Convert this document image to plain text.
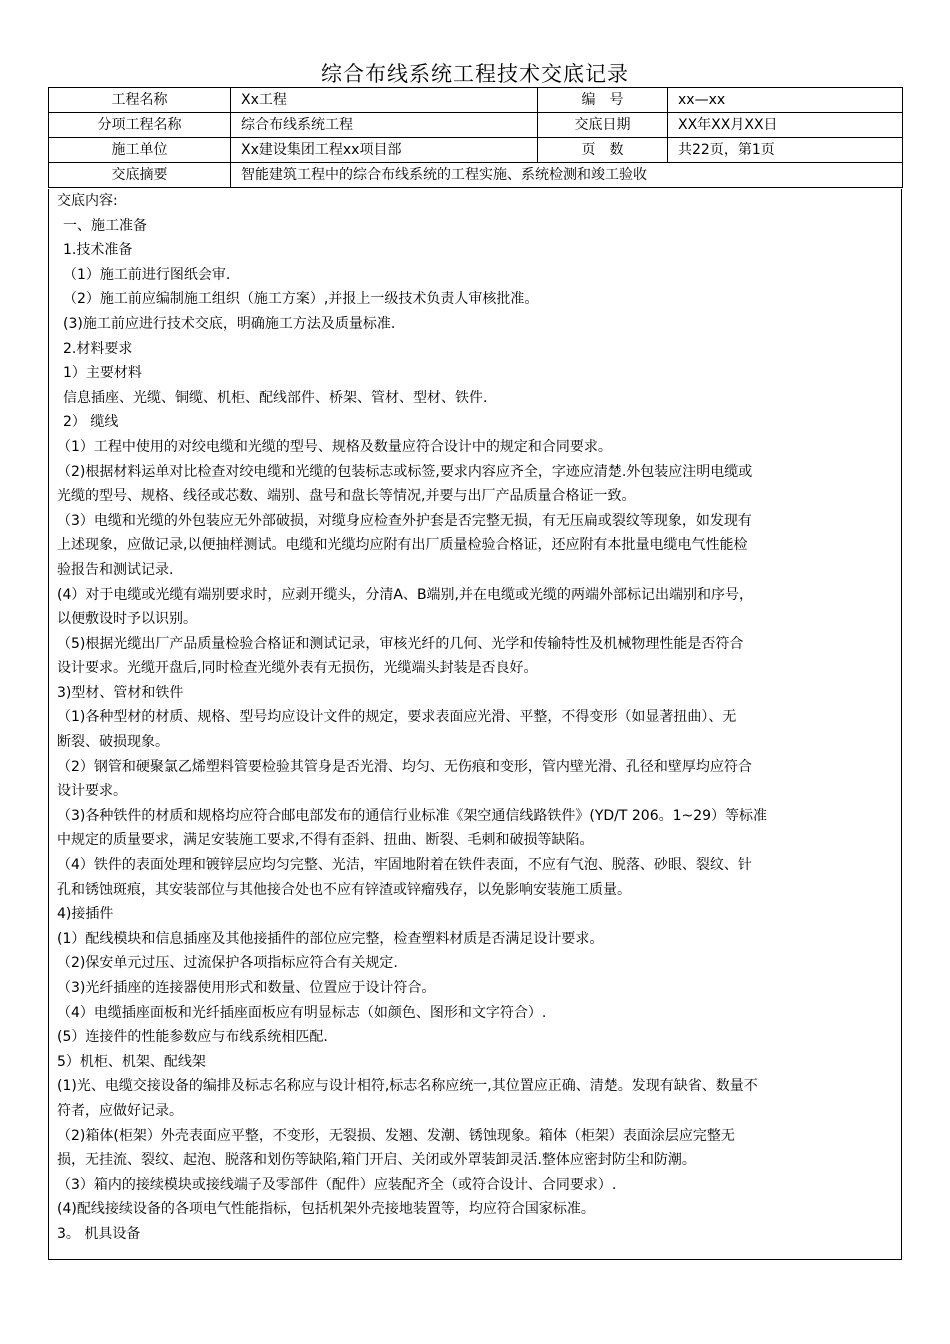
综合布线系统工程技术交底记录
工程名称	Xx工程	编　号	xx—xx
分项工程名称	综合布线系统工程	交底日期	XX年XX月XX日
施工单位	Xx建设集团工程xx项目部	页　数	共22页，第1页
交底摘要	智能建筑工程中的综合布线系统的工程实施、系统检测和竣工验收		

交底内容:

一、施工准备

1.技术准备

（1）施工前进行图纸会审.

（2）施工前应编制施工组织（施工方案）,并报上一级技术负责人审核批准。

(3)施工前应进行技术交底，明确施工方法及质量标准.

2.材料要求

1）主要材料

信息插座、光缆、铜缆、机柜、配线部件、桥架、管材、型材、铁件.

2） 缆线

（1）工程中使用的对绞电缆和光缆的型号、规格及数量应符合设计中的规定和合同要求。

（2)根据材料运单对比检查对绞电缆和光缆的包装标志或标签,要求内容应齐全，字迹应清楚.外包装应注明电缆或

光缆的型号、规格、线径或芯数、端别、盘号和盘长等情况,并要与出厂产品质量合格证一致。

（3）电缆和光缆的外包装应无外部破损，对缆身应检查外护套是否完整无损，有无压扁或裂纹等现象，如发现有

上述现象，应做记录,以便抽样测试。电缆和光缆均应附有出厂质量检验合格证，还应附有本批量电缆电气性能检

验报告和测试记录.

(4）对于电缆或光缆有端别要求时，应剥开缆头，分清A、B端别,并在电缆或光缆的两端外部标记出端别和序号，

以便敷设时予以识别。

（5)根据光缆出厂产品质量检验合格证和测试记录，审核光纤的几何、光学和传输特性及机械物理性能是否符合

设计要求。光缆开盘后,同时检查光缆外表有无损伤，光缆端头封装是否良好。

3)型材、管材和铁件

（1)各种型材的材质、规格、型号均应设计文件的规定，要求表面应光滑、平整，不得变形（如显著扭曲）、无

断裂、破损现象。

（2）钢管和硬聚氯乙烯塑料管要检验其管身是否光滑、均匀、无伤痕和变形，管内壁光滑、孔径和壁厚均应符合

设计要求。

（3)各种铁件的材质和规格均应符合邮电部发布的通信行业标准《架空通信线路铁件》(YD/T 206。1~29）等标准

中规定的质量要求，满足安装施工要求,不得有歪斜、扭曲、断裂、毛刺和破损等缺陷。

（4）铁件的表面处理和镀锌层应均匀完整、光洁，牢固地附着在铁件表面，不应有气泡、脱落、砂眼、裂纹、针

孔和锈蚀斑痕，其安装部位与其他接合处也不应有锌渣或锌瘤残存，以免影响安装施工质量。

4)接插件

(1）配线模块和信息插座及其他接插件的部位应完整，检查塑料材质是否满足设计要求。

（2)保安单元过压、过流保护各项指标应符合有关规定.

（3)光纤插座的连接器使用形式和数量、位置应于设计符合。

（4）电缆插座面板和光纤插座面板应有明显标志（如颜色、图形和文字符合）.

(5）连接件的性能参数应与布线系统相匹配.

5）机柜、机架、配线架

(1)光、电缆交接设备的编排及标志名称应与设计相符,标志名称应统一,其位置应正确、清楚。发现有缺省、数量不

符者，应做好记录。

（2)箱体(柜架）外壳表面应平整，不变形，无裂损、发翘、发潮、锈蚀现象。箱体（柜架）表面涂层应完整无

损，无挂流、裂纹、起泡、脱落和划伤等缺陷,箱门开启、关闭或外罩装卸灵活.整体应密封防尘和防潮。

（3）箱内的接续模块或接线端子及零部件（配件）应装配齐全（或符合设计、合同要求）.

(4)配线接续设备的各项电气性能指标，包括机架外壳接地装置等，均应符合国家标准。

3。 机具设备
